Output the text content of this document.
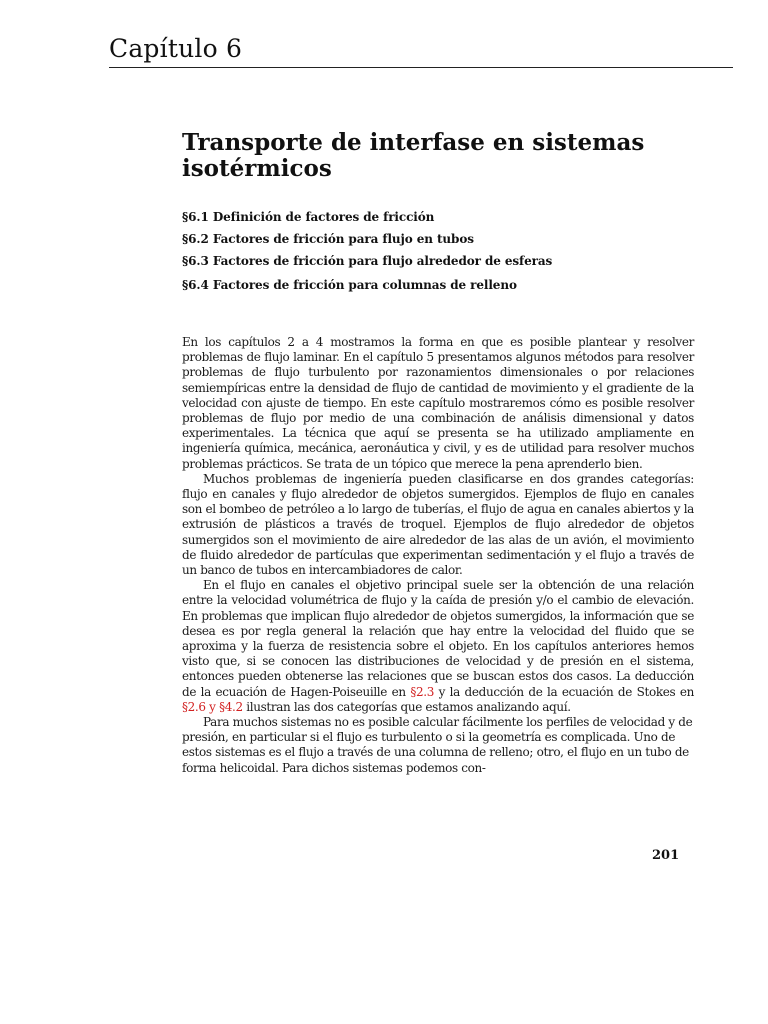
Capítulo 6
Transporte de interfase en sistemas isotérmicos
§6.1 Definición de factores de fricción
§6.2 Factores de fricción para flujo en tubos
§6.3 Factores de fricción para flujo alrededor de esferas
§6.4 Factores de fricción para columnas de relleno

En los capítulos 2 a 4 mostramos la forma en que es posible plantear y resolver problemas de flujo laminar. En el capítulo 5 presentamos algunos métodos para resolver problemas de flujo turbulento por razonamientos dimensionales o por relaciones semiempíricas entre la densidad de flujo de cantidad de movimiento y el gradiente de la velocidad con ajuste de tiempo. En este capítulo mostraremos cómo es posible resolver problemas de flujo por medio de una combinación de análisis dimensional y datos experimentales. La técnica que aquí se presenta se ha utilizado ampliamente en ingeniería química, mecánica, aeronáutica y civil, y es de utilidad para resolver muchos problemas prácticos. Se trata de un tópico que merece la pena aprenderlo bien.

Muchos problemas de ingeniería pueden clasificarse en dos grandes categorías: flujo en canales y flujo alrededor de objetos sumergidos. Ejemplos de flujo en canales son el bombeo de petróleo a lo largo de tuberías, el flujo de agua en canales abiertos y la extrusión de plásticos a través de troquel. Ejemplos de flujo alrededor de objetos sumergidos son el movimiento de aire alrededor de las alas de un avión, el movimiento de fluido alrededor de partículas que experimentan sedimentación y el flujo a través de un banco de tubos en intercambiadores de calor.

En el flujo en canales el objetivo principal suele ser la obtención de una relación entre la velocidad volumétrica de flujo y la caída de presión y/o el cambio de elevación. En problemas que implican flujo alrededor de objetos sumergidos, la información que se desea es por regla general la relación que hay entre la velocidad del fluido que se aproxima y la fuerza de resistencia sobre el objeto. En los capítulos anteriores hemos visto que, si se conocen las distribuciones de velocidad y de presión en el sistema, entonces pueden obtenerse las relaciones que se buscan estos dos casos. La deducción de la ecuación de Hagen-Poiseuille en §2.3 y la deducción de la ecuación de Stokes en §2.6 y §4.2 ilustran las dos categorías que estamos analizando aquí.

Para muchos sistemas no es posible calcular fácilmente los perfiles de velocidad y de presión, en particular si el flujo es turbulento o si la geometría es complicada. Uno de estos sistemas es el flujo a través de una columna de relleno; otro, el flujo en un tubo de forma helicoidal. Para dichos sistemas podemos con-

201
